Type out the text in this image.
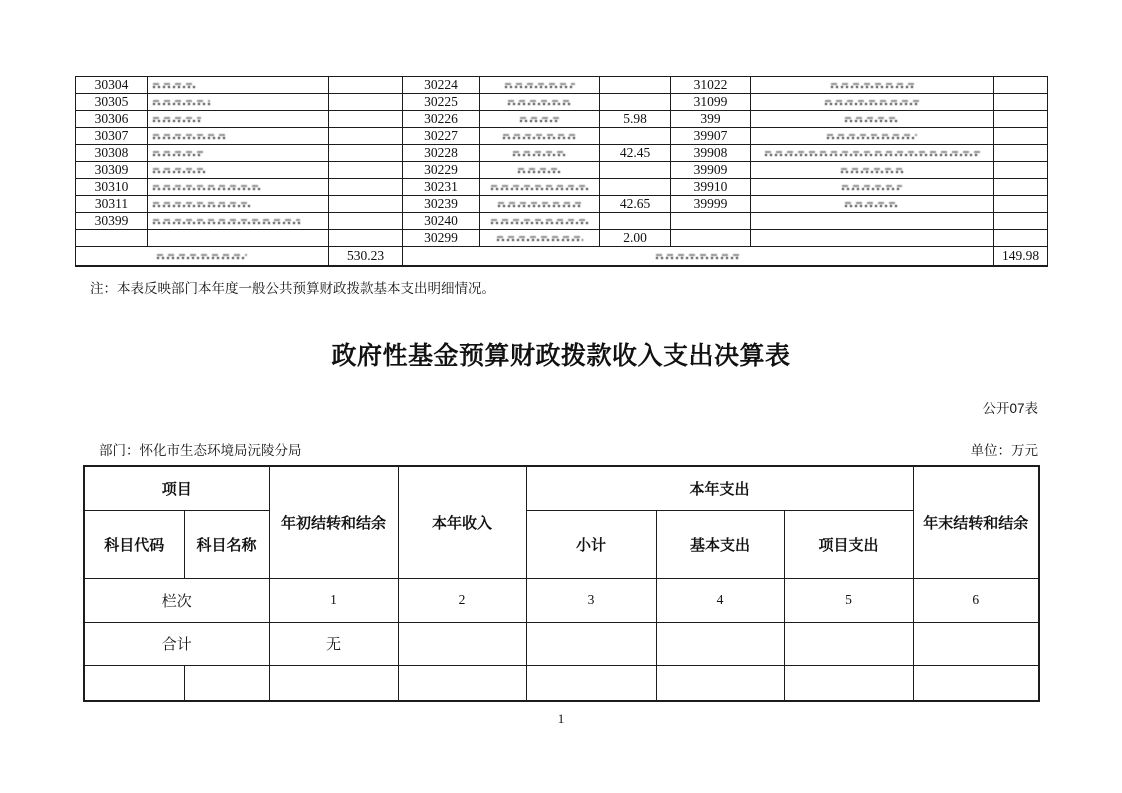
30304			30224			31022		
30305			30225			31099		
30306			30226		5.98	399		
30307			30227			39907		
30308			30228		42.45	39908		
30309			30229			39909		
30310			30231			39910		
30311			30239		42.65	39999		
30399			30240					
			30299		2.00			
		530.23						149.98
注：本表反映部门本年度一般公共预算财政拨款基本支出明细情况。
政府性基金预算财政拨款收入支出决算表
公开07表
部门：怀化市生态环境局沅陵分局	单位：万元
项目		年初结转和结余	本年收入	本年支出			年末结转和结余
科目代码	科目名称			小计	基本支出	项目支出	
栏次		1	2	3	4	5	6
合计		无					

1
